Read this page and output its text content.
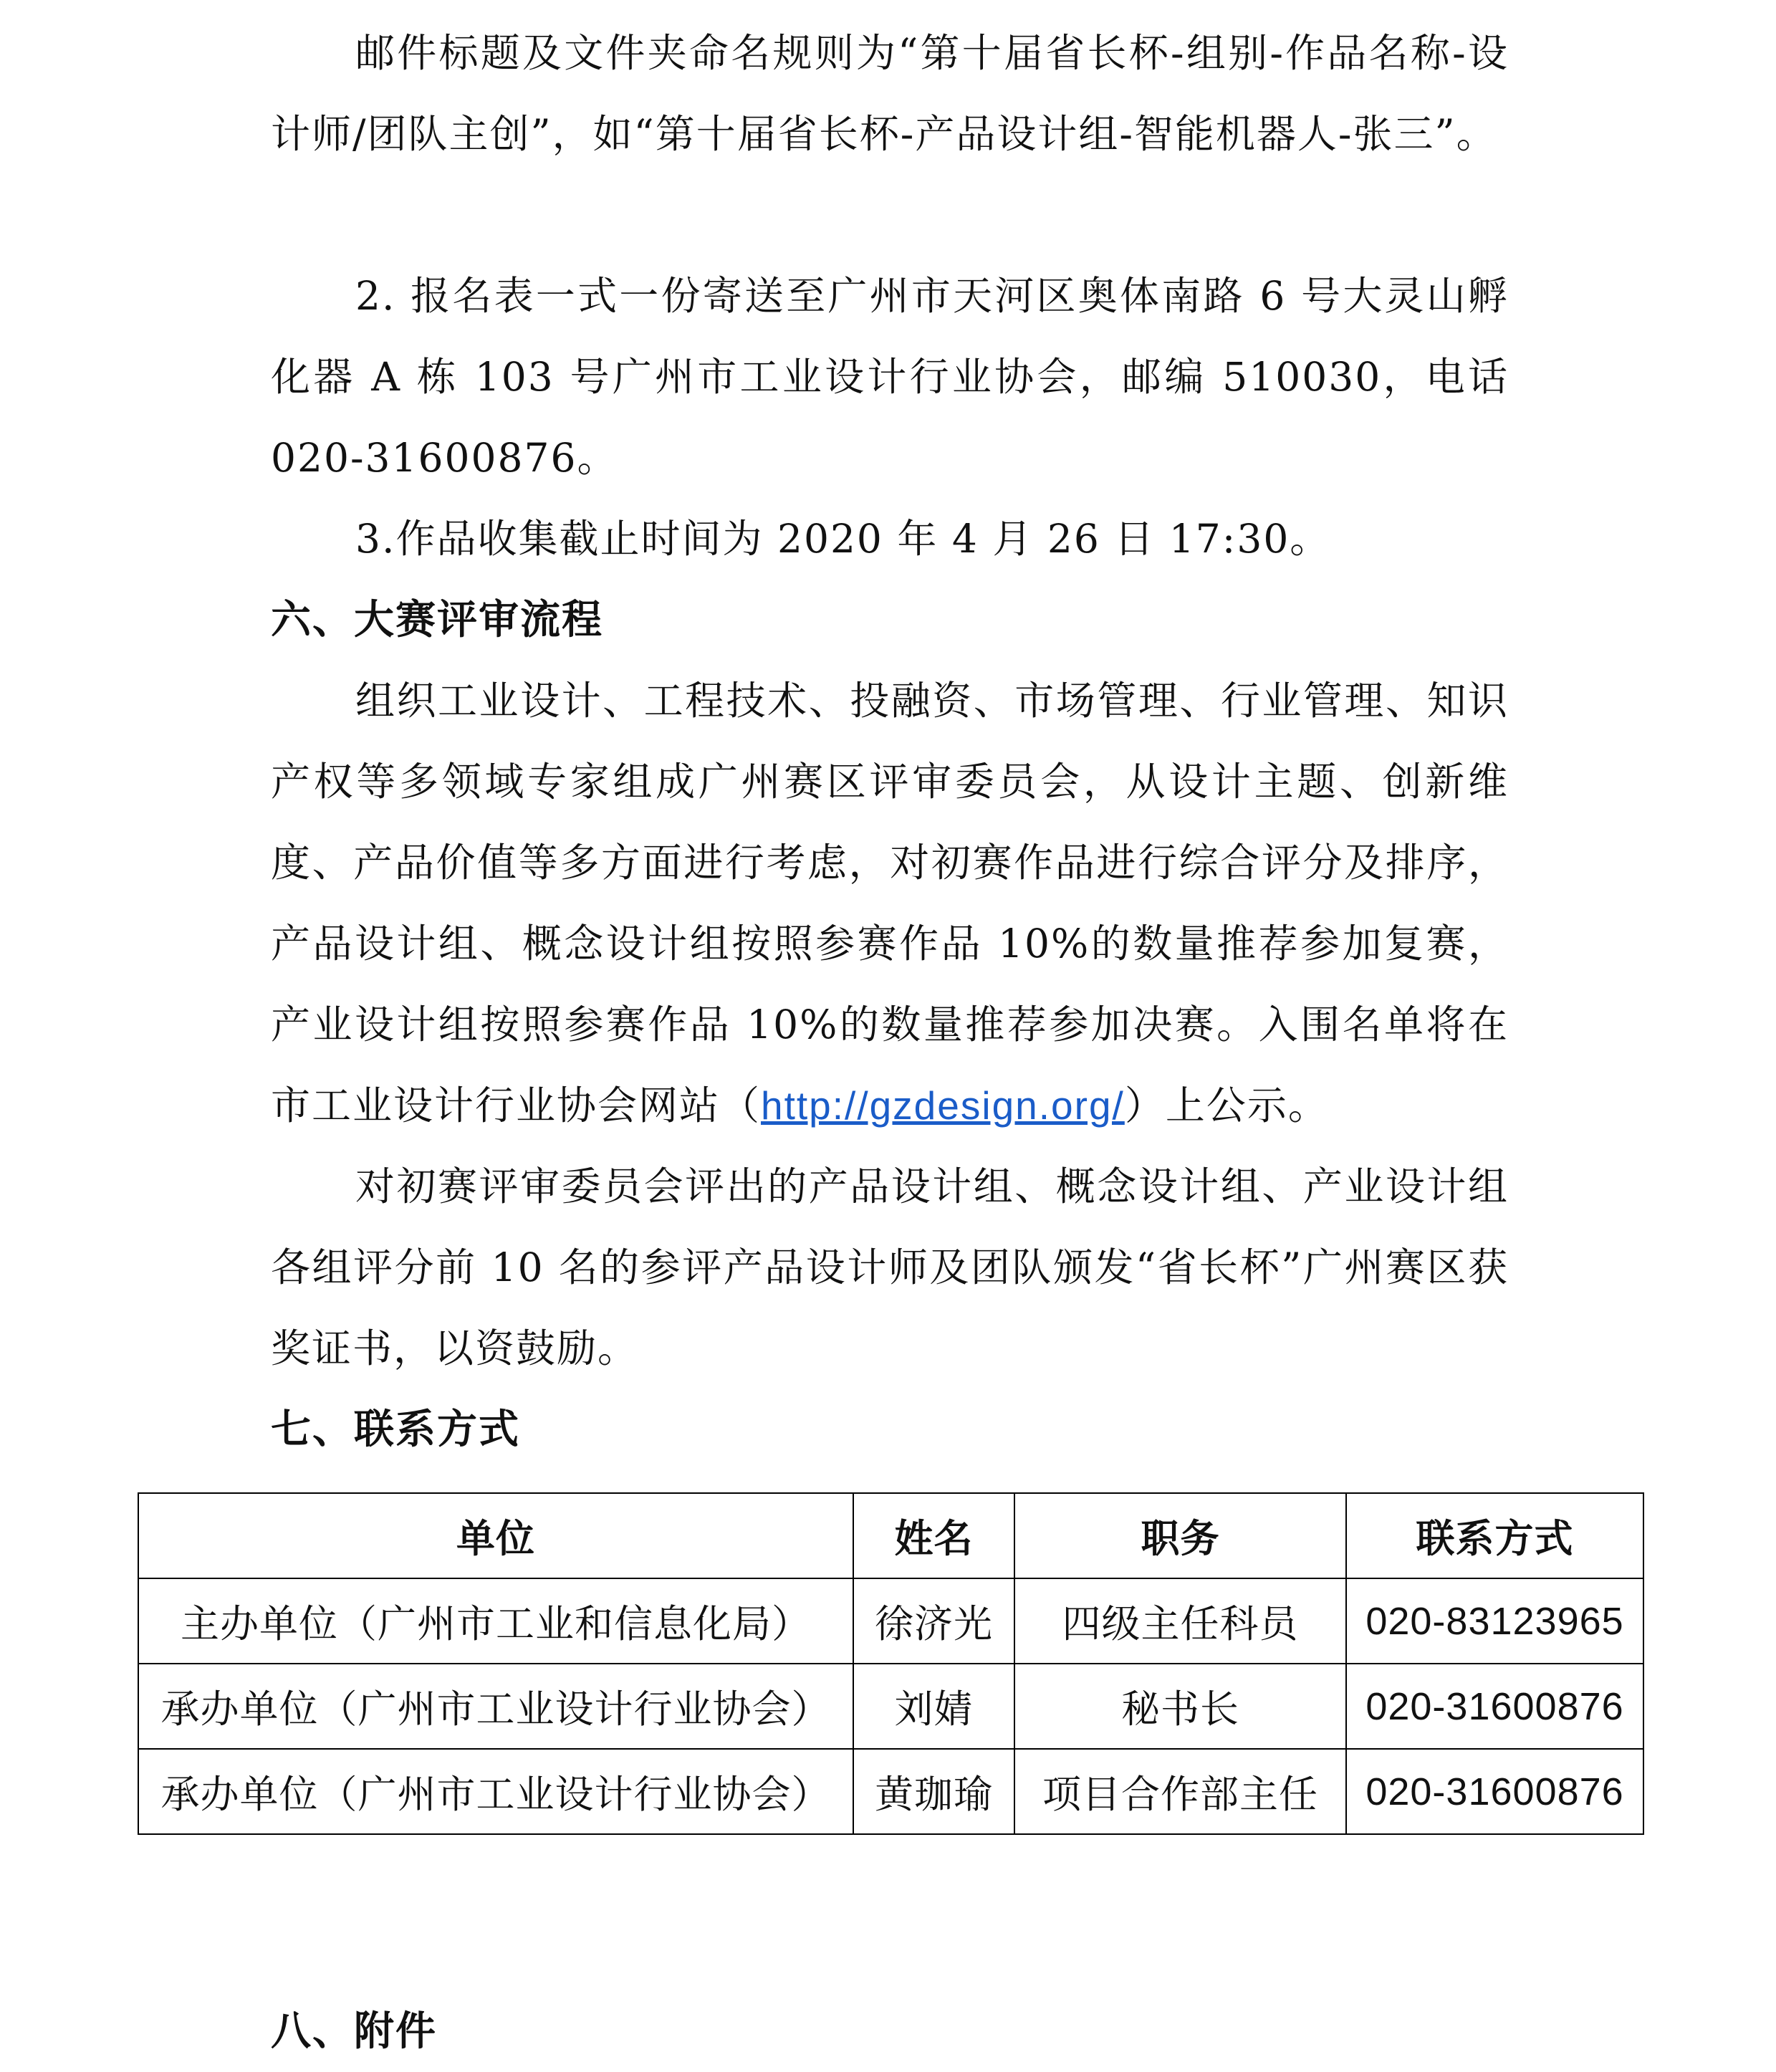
邮件标题及文件夹命名规则为“第十届省长杯-组别-作品名称-设计师/团队主创”，如“第十届省长杯-产品设计组-智能机器人-张三”。
2. 报名表一式一份寄送至广州市天河区奥体南路 6 号大灵山孵化器 A 栋 103 号广州市工业设计行业协会，邮编 510030，电话 020-31600876。
3.作品收集截止时间为 2020 年 4 月 26 日 17:30。
六、大赛评审流程
组织工业设计、工程技术、投融资、市场管理、行业管理、知识产权等多领域专家组成广州赛区评审委员会，从设计主题、创新维度、产品价值等多方面进行考虑，对初赛作品进行综合评分及排序，产品设计组、概念设计组按照参赛作品 10%的数量推荐参加复赛，产业设计组按照参赛作品 10%的数量推荐参加决赛。入围名单将在市工业设计行业协会网站（http://gzdesign.org/）上公示。
对初赛评审委员会评出的产品设计组、概念设计组、产业设计组各组评分前 10 名的参评产品设计师及团队颁发“省长杯”广州赛区获奖证书，以资鼓励。
七、联系方式
单位	姓名	职务	联系方式
主办单位（广州市工业和信息化局）	徐济光	四级主任科员	020-83123965
承办单位（广州市工业设计行业协会）	刘婧	秘书长	020-31600876
承办单位（广州市工业设计行业协会）	黄珈瑜	项目合作部主任	020-31600876
八、附件
